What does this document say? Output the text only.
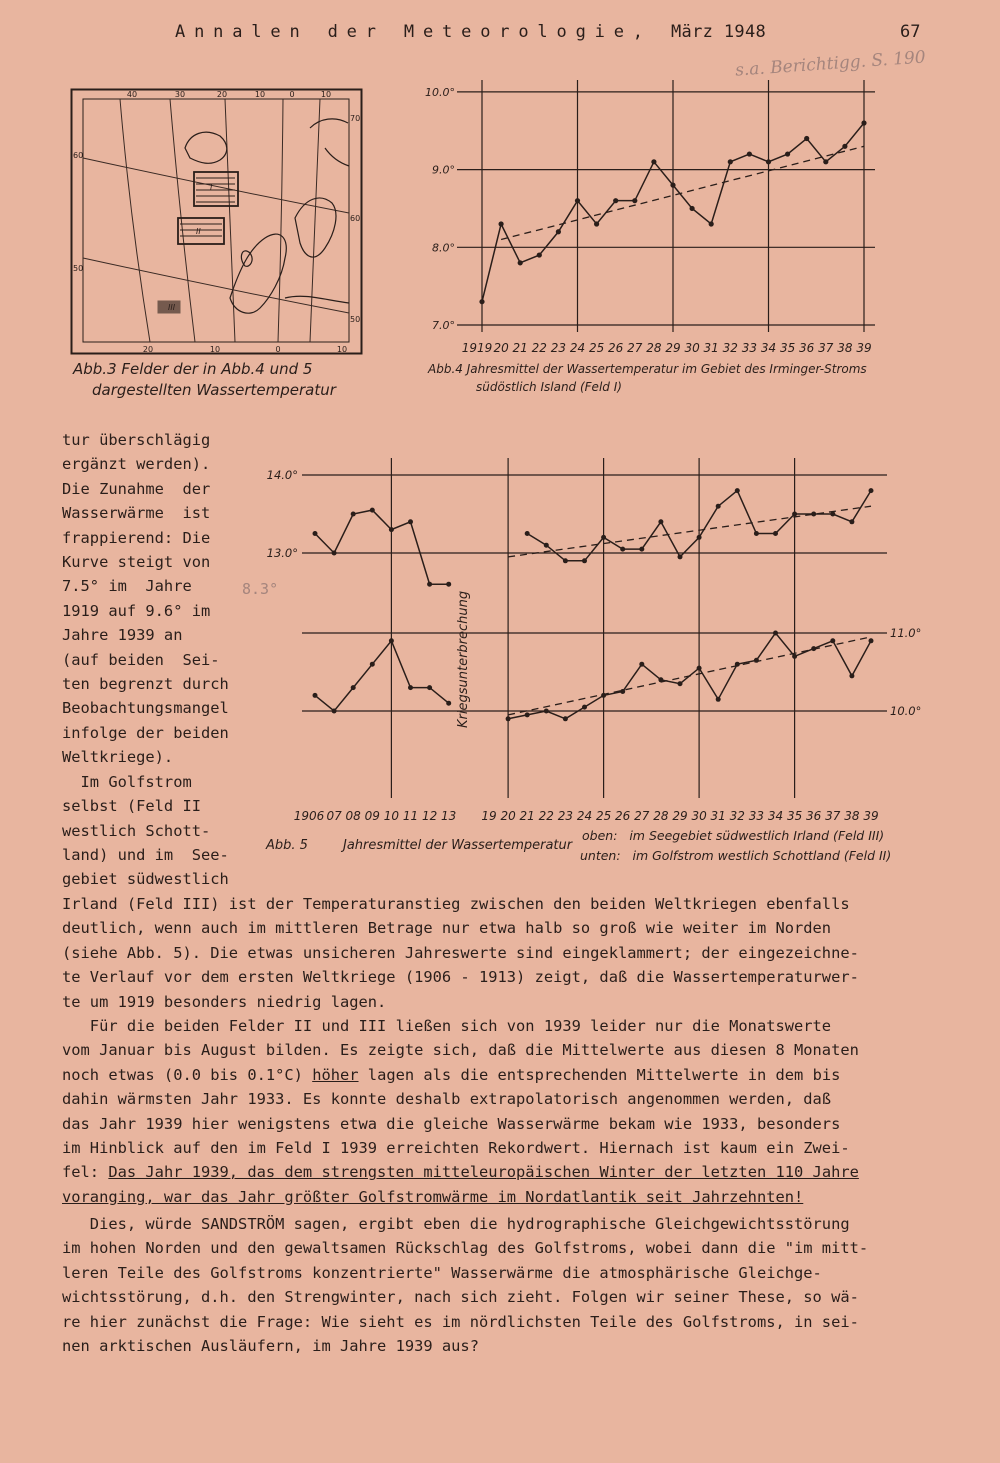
Annalen der Meteorologie, März 1948	67
s.a. Berichtigg. S. 190
40	30	20	10	0	10
20	10	0	10
60
50
70
60
50
I
II
III
Abb.3 Felder der in Abb.4 und 5
dargestellten Wassertemperatur
10.0°
9.0°
8.0°
7.0°
1919 20 21 22 23 24 25 26 27 28 29 30 31 32 33 34 35 36 37 38 39
Abb.4 Jahresmittel der Wassertemperatur im Gebiet des Irminger-Stroms
südöstlich Island (Feld I)
tur überschlägig
ergänzt werden).
Die Zunahme  der
Wasserwärme  ist
frappierend: Die
Kurve steigt von
7.5° im  Jahre
1919 auf 9.6° im
Jahre 1939 an
(auf beiden  Sei-
ten begrenzt durch
Beobachtungsmangel
infolge der beiden
Weltkriege).
Im Golfstrom
selbst (Feld II
westlich Schott-
land) und im  See-
gebiet südwestlich
8.3°
14.0°
13.0°
11.0°
10.0°
1906 07 08 09 10 11 12 13 19 20 21 22 23 24 25 26 27 28 29 30 31 32 33 34 35 36 37 38 39
Kriegsunterbrechung
Abb. 5	Jahresmittel der Wassertemperatur
oben:   im Seegebiet südwestlich Irland (Feld III)
unten:   im Golfstrom westlich Schottland (Feld II)
Irland (Feld III) ist der Temperaturanstieg zwischen den beiden Weltkriegen ebenfalls
deutlich, wenn auch im mittleren Betrage nur etwa halb so groß wie weiter im Norden
(siehe Abb. 5). Die etwas unsicheren Jahreswerte sind eingeklammert; der eingezeichne-
te Verlauf vor dem ersten Weltkriege (1906 - 1913) zeigt, daß die Wassertemperaturwer-
te um 1919 besonders niedrig lagen.
Für die beiden Felder II und III ließen sich von 1939 leider nur die Monatswerte
vom Januar bis August bilden. Es zeigte sich, daß die Mittelwerte aus diesen 8 Monaten
noch etwas (0.0 bis 0.1°C) höher lagen als die entsprechenden Mittelwerte in dem bis
dahin wärmsten Jahr 1933. Es konnte deshalb extrapolatorisch angenommen werden, daß
das Jahr 1939 hier wenigstens etwa die gleiche Wasserwärme bekam wie 1933, besonders
im Hinblick auf den im Feld I 1939 erreichten Rekordwert. Hiernach ist kaum ein Zwei-
fel: Das Jahr 1939, das dem strengsten mitteleuropäischen Winter der letzten 110 Jahre
voranging, war das Jahr größter Golfstromwärme im Nordatlantik seit Jahrzehnten!
Dies, würde SANDSTRÖM sagen, ergibt eben die hydrographische Gleichgewichtsstörung
im hohen Norden und den gewaltsamen Rückschlag des Golfstroms, wobei dann die "im mitt-
leren Teile des Golfstroms konzentrierte" Wasserwärme die atmosphärische Gleichge-
wichtsstörung, d.h. den Strengwinter, nach sich zieht. Folgen wir seiner These, so wä-
re hier zunächst die Frage: Wie sieht es im nördlichsten Teile des Golfstroms, in sei-
nen arktischen Ausläufern, im Jahre 1939 aus?
